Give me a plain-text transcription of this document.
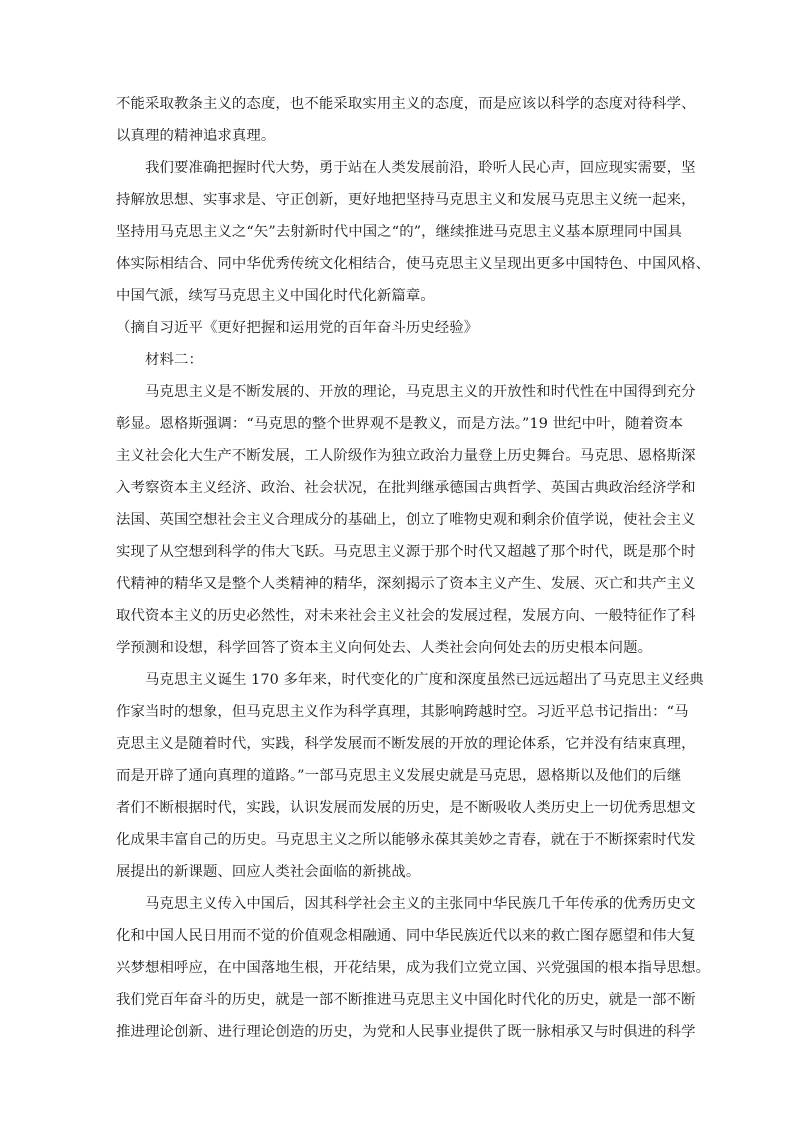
不能采取教条主义的态度，也不能采取实用主义的态度，而是应该以科学的态度对待科学、
以真理的精神追求真理。
我们要准确把握时代大势，勇于站在人类发展前沿，聆听人民心声，回应现实需要，坚
持解放思想、实事求是、守正创新，更好地把坚持马克思主义和发展马克思主义统一起来，
坚持用马克思主义之“矢”去射新时代中国之“的”，继续推进马克思主义基本原理同中国具
体实际相结合、同中华优秀传统文化相结合，使马克思主义呈现出更多中国特色、中国风格、
中国气派，续写马克思主义中国化时代化新篇章。
（摘自习近平《更好把握和运用党的百年奋斗历史经验》
材料二：
马克思主义是不断发展的、开放的理论，马克思主义的开放性和时代性在中国得到充分
彰显。恩格斯强调：“马克思的整个世界观不是教义，而是方法。”19 世纪中叶，随着资本
主义社会化大生产不断发展，工人阶级作为独立政治力量登上历史舞台。马克思、恩格斯深
入考察资本主义经济、政治、社会状况，在批判继承德国古典哲学、英国古典政治经济学和
法国、英国空想社会主义合理成分的基础上，创立了唯物史观和剩余价值学说，使社会主义
实现了从空想到科学的伟大飞跃。马克思主义源于那个时代又超越了那个时代，既是那个时
代精神的精华又是整个人类精神的精华，深刻揭示了资本主义产生、发展、灭亡和共产主义
取代资本主义的历史必然性，对未来社会主义社会的发展过程，发展方向、一般特征作了科
学预测和设想，科学回答了资本主义向何处去、人类社会向何处去的历史根本问题。
马克思主义诞生 170 多年来，时代变化的广度和深度虽然已远远超出了马克思主义经典
作家当时的想象，但马克思主义作为科学真理，其影响跨越时空。习近平总书记指出：“马
克思主义是随着时代，实践，科学发展而不断发展的开放的理论体系，它并没有结束真理，
而是开辟了通向真理的道路。”一部马克思主义发展史就是马克思，恩格斯以及他们的后继
者们不断根据时代，实践，认识发展而发展的历史，是不断吸收人类历史上一切优秀思想文
化成果丰富自己的历史。马克思主义之所以能够永葆其美妙之青春，就在于不断探索时代发
展提出的新课题、回应人类社会面临的新挑战。
马克思主义传入中国后，因其科学社会主义的主张同中华民族几千年传承的优秀历史文
化和中国人民日用而不觉的价值观念相融通、同中华民族近代以来的救亡图存愿望和伟大复
兴梦想相呼应，在中国落地生根，开花结果，成为我们立党立国、兴党强国的根本指导思想。
我们党百年奋斗的历史，就是一部不断推进马克思主义中国化时代化的历史，就是一部不断
推进理论创新、进行理论创造的历史，为党和人民事业提供了既一脉相承又与时俱进的科学
